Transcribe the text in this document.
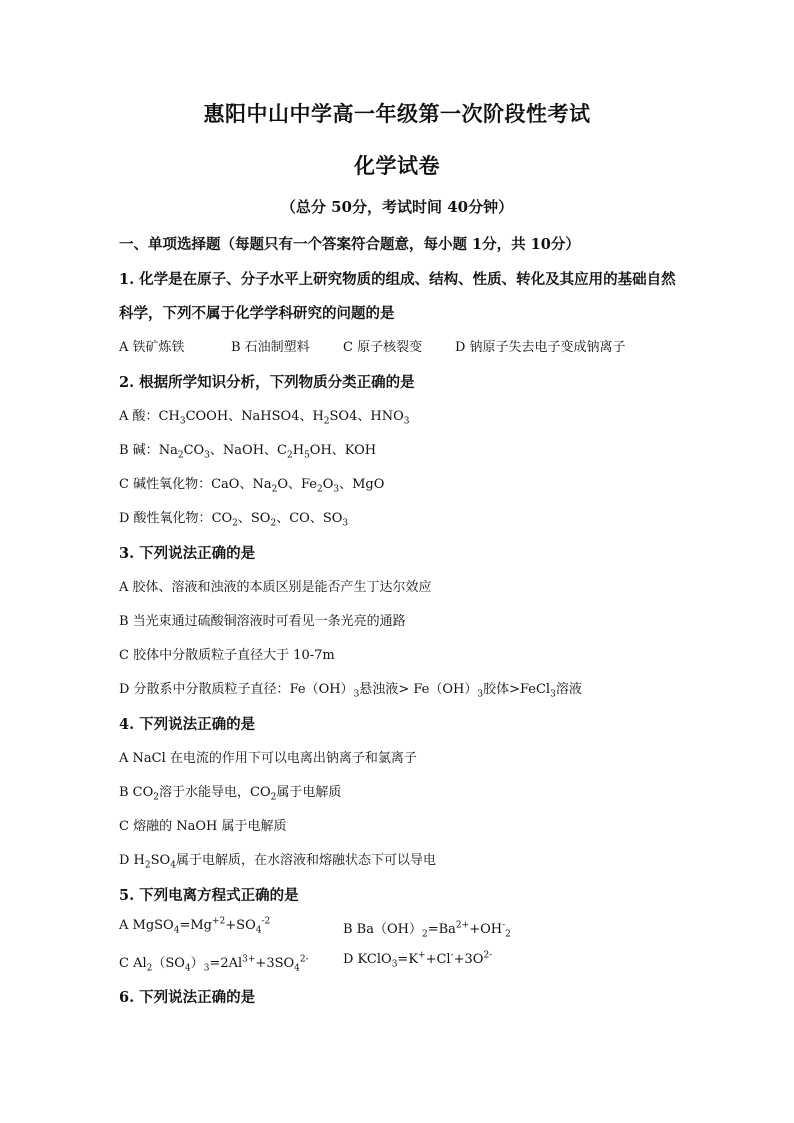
惠阳中山中学高一年级第一次阶段性考试
化学试卷
（总分 50分，考试时间 40分钟）
一、单项选择题（每题只有一个答案符合题意，每小题 1分，共 10分）
1. 化学是在原子、分子水平上研究物质的组成、结构、性质、转化及其应用的基础自然
科学，下列不属于化学学科研究的问题的是
A 铁矿炼铁	B 石油制塑料	C 原子核裂变	D 钠原子失去电子变成钠离子
2. 根据所学知识分析，下列物质分类正确的是
A 酸：$CH_3COOH$、NaHSO4、$H_2SO4$、$HNO_3$
B 碱：$Na_2CO_3$、NaOH、$C_2H_5OH$、KOH
C 碱性氧化物：CaO、$Na_2O$、$Fe_2O_3$、MgO
D 酸性氧化物：$CO_2$、$SO_2$、CO、$SO_3$
3. 下列说法正确的是
A 胶体、溶液和浊液的本质区别是能否产生丁达尔效应
B 当光束通过硫酸铜溶液时可看见一条光亮的通路
C 胶体中分散质粒子直径大于 10-7m
D 分散系中分散质粒子直径：$Fe(OH)_3$悬浊液> $Fe(OH)_3$胶体>FeCl$_3$溶液
4. 下列说法正确的是
A NaCl 在电流的作用下可以电离出钠离子和氯离子
B $CO_2$溶于水能导电，$CO_2$属于电解质
C 熔融的 NaOH 属于电解质
D $H_2SO_4$属于电解质，在水溶液和熔融状态下可以导电
5. 下列电离方程式正确的是
A $MgSO_4=Mg^{+2}+SO_4^{-2}$
B $Ba(OH)_2=Ba^{2+}+OH^-_2$
C $Al_2(SO_4)_3=2Al^{3+}+3SO_4^{2-}$	D $KClO_3=K^++Cl^-+3O^{2-}$
6. 下列说法正确的是
